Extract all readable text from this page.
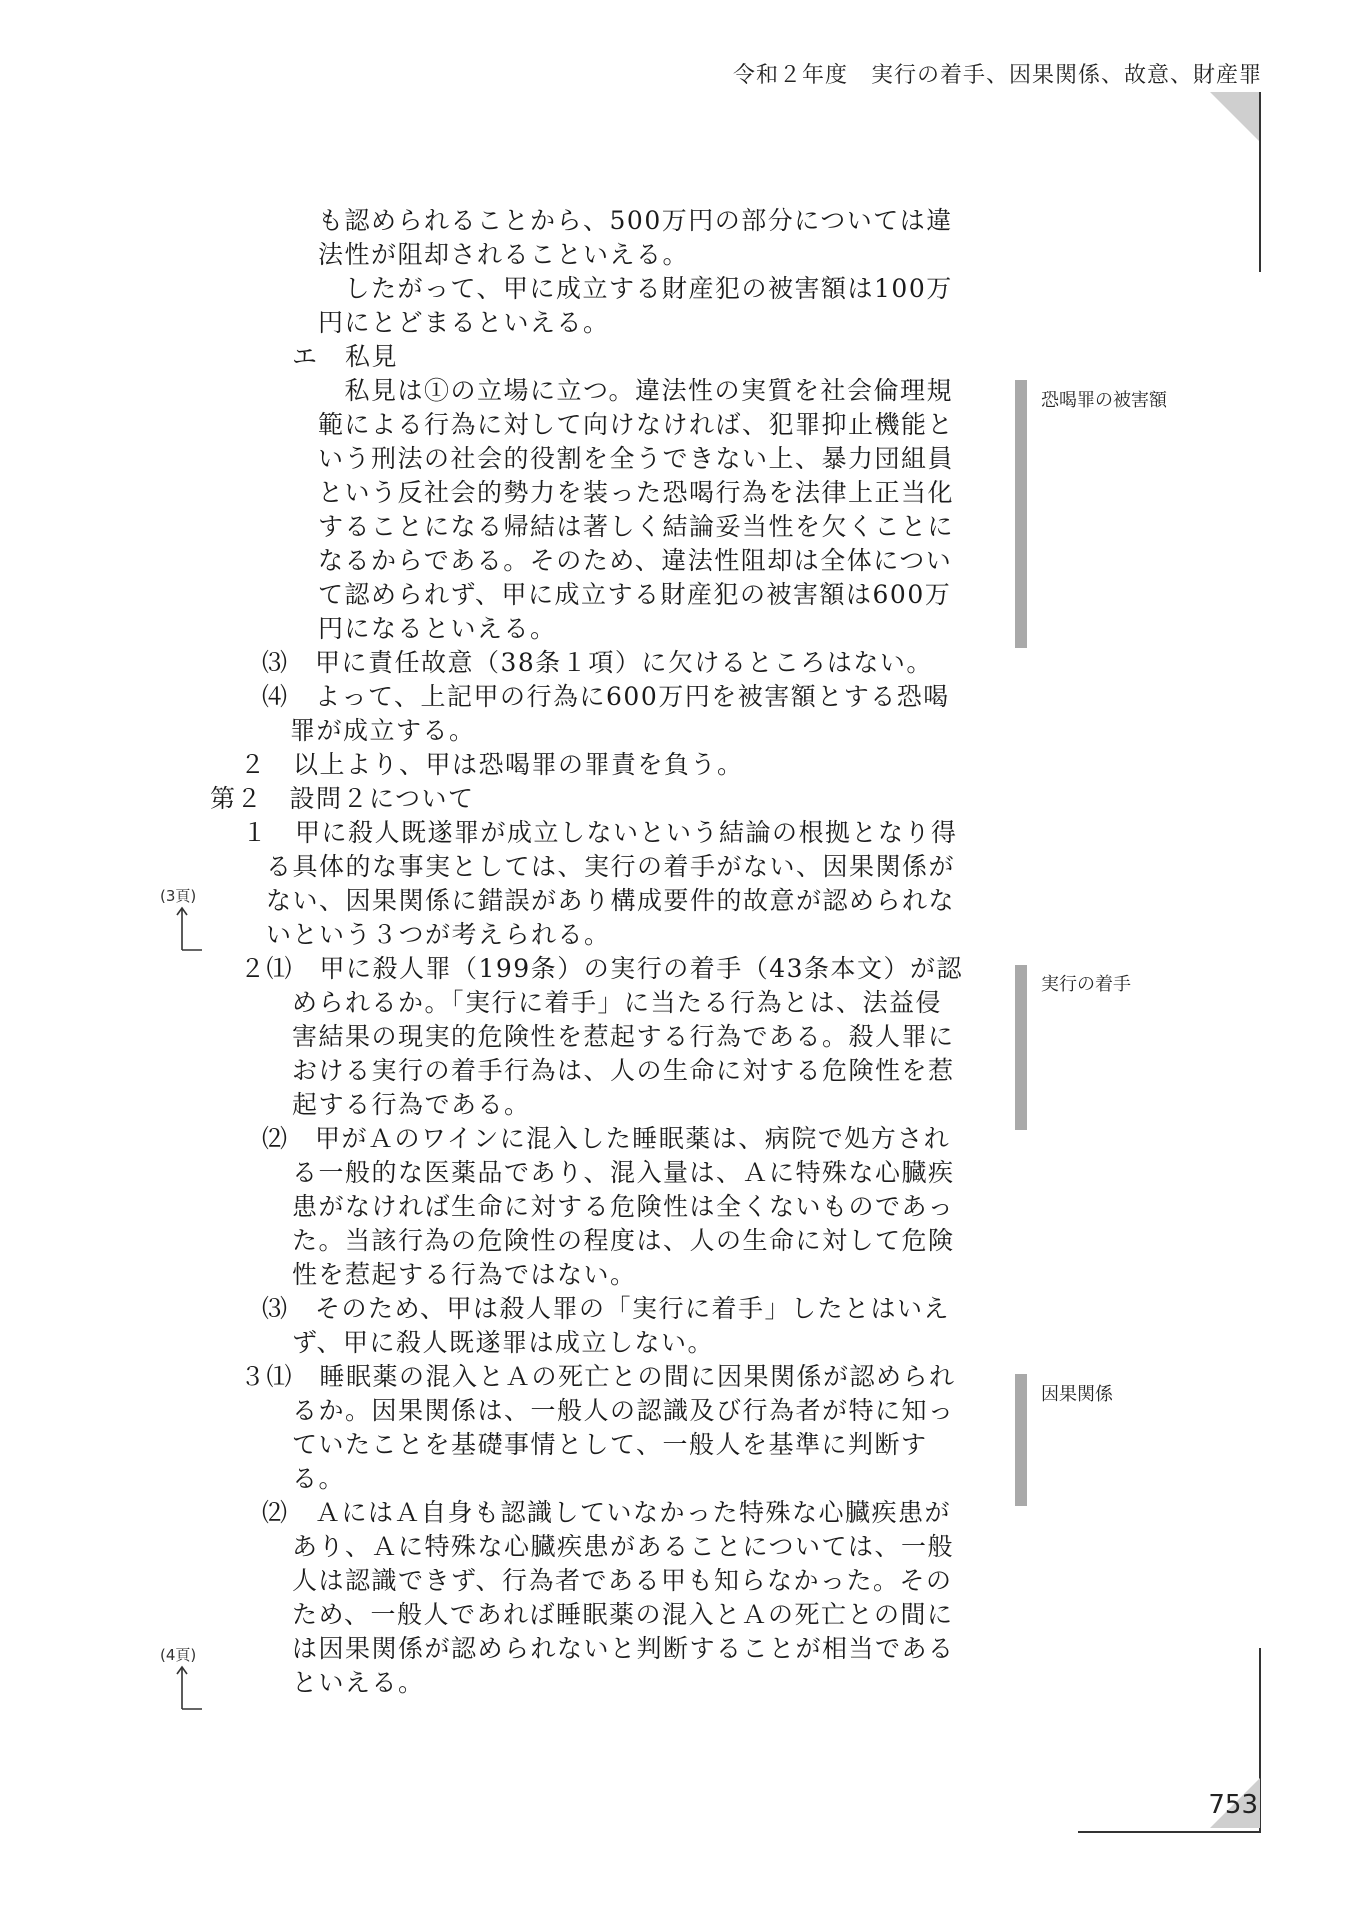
令和２年度　実行の着手、因果関係、故意、財産罪
も認められることから、500万円の部分については違
法性が阻却されることいえる。
　したがって、甲に成立する財産犯の被害額は100万
円にとどまるといえる。
エ　私見
　私見は①の立場に立つ。違法性の実質を社会倫理規
範による行為に対して向けなければ、犯罪抑止機能と
いう刑法の社会的役割を全うできない上、暴力団組員
という反社会的勢力を装った恐喝行為を法律上正当化
することになる帰結は著しく結論妥当性を欠くことに
なるからである。そのため、違法性阻却は全体につい
て認められず、甲に成立する財産犯の被害額は600万
円になるといえる。
⑶　甲に責任故意（38条１項）に欠けるところはない。
⑷　よって、上記甲の行為に600万円を被害額とする恐喝
罪が成立する。
２　以上より、甲は恐喝罪の罪責を負う。
第２　設問２について
１　甲に殺人既遂罪が成立しないという結論の根拠となり得
る具体的な事実としては、実行の着手がない、因果関係が
ない、因果関係に錯誤があり構成要件的故意が認められな
いという３つが考えられる。
２⑴　甲に殺人罪（199条）の実行の着手（43条本文）が認
められるか。「実行に着手」に当たる行為とは、法益侵
害結果の現実的危険性を惹起する行為である。殺人罪に
おける実行の着手行為は、人の生命に対する危険性を惹
起する行為である。
⑵　甲がＡのワインに混入した睡眠薬は、病院で処方され
る一般的な医薬品であり、混入量は、Ａに特殊な心臓疾
患がなければ生命に対する危険性は全くないものであっ
た。当該行為の危険性の程度は、人の生命に対して危険
性を惹起する行為ではない。
⑶　そのため、甲は殺人罪の「実行に着手」したとはいえ
ず、甲に殺人既遂罪は成立しない。
３⑴　睡眠薬の混入とＡの死亡との間に因果関係が認められ
るか。因果関係は、一般人の認識及び行為者が特に知っ
ていたことを基礎事情として、一般人を基準に判断す
る。
⑵　ＡにはＡ自身も認識していなかった特殊な心臓疾患が
あり、Ａに特殊な心臓疾患があることについては、一般
人は認識できず、行為者である甲も知らなかった。その
ため、一般人であれば睡眠薬の混入とＡの死亡との間に
は因果関係が認められないと判断することが相当である
といえる。
恐喝罪の被害額
実行の着手
因果関係
(3頁)
(4頁)
753
